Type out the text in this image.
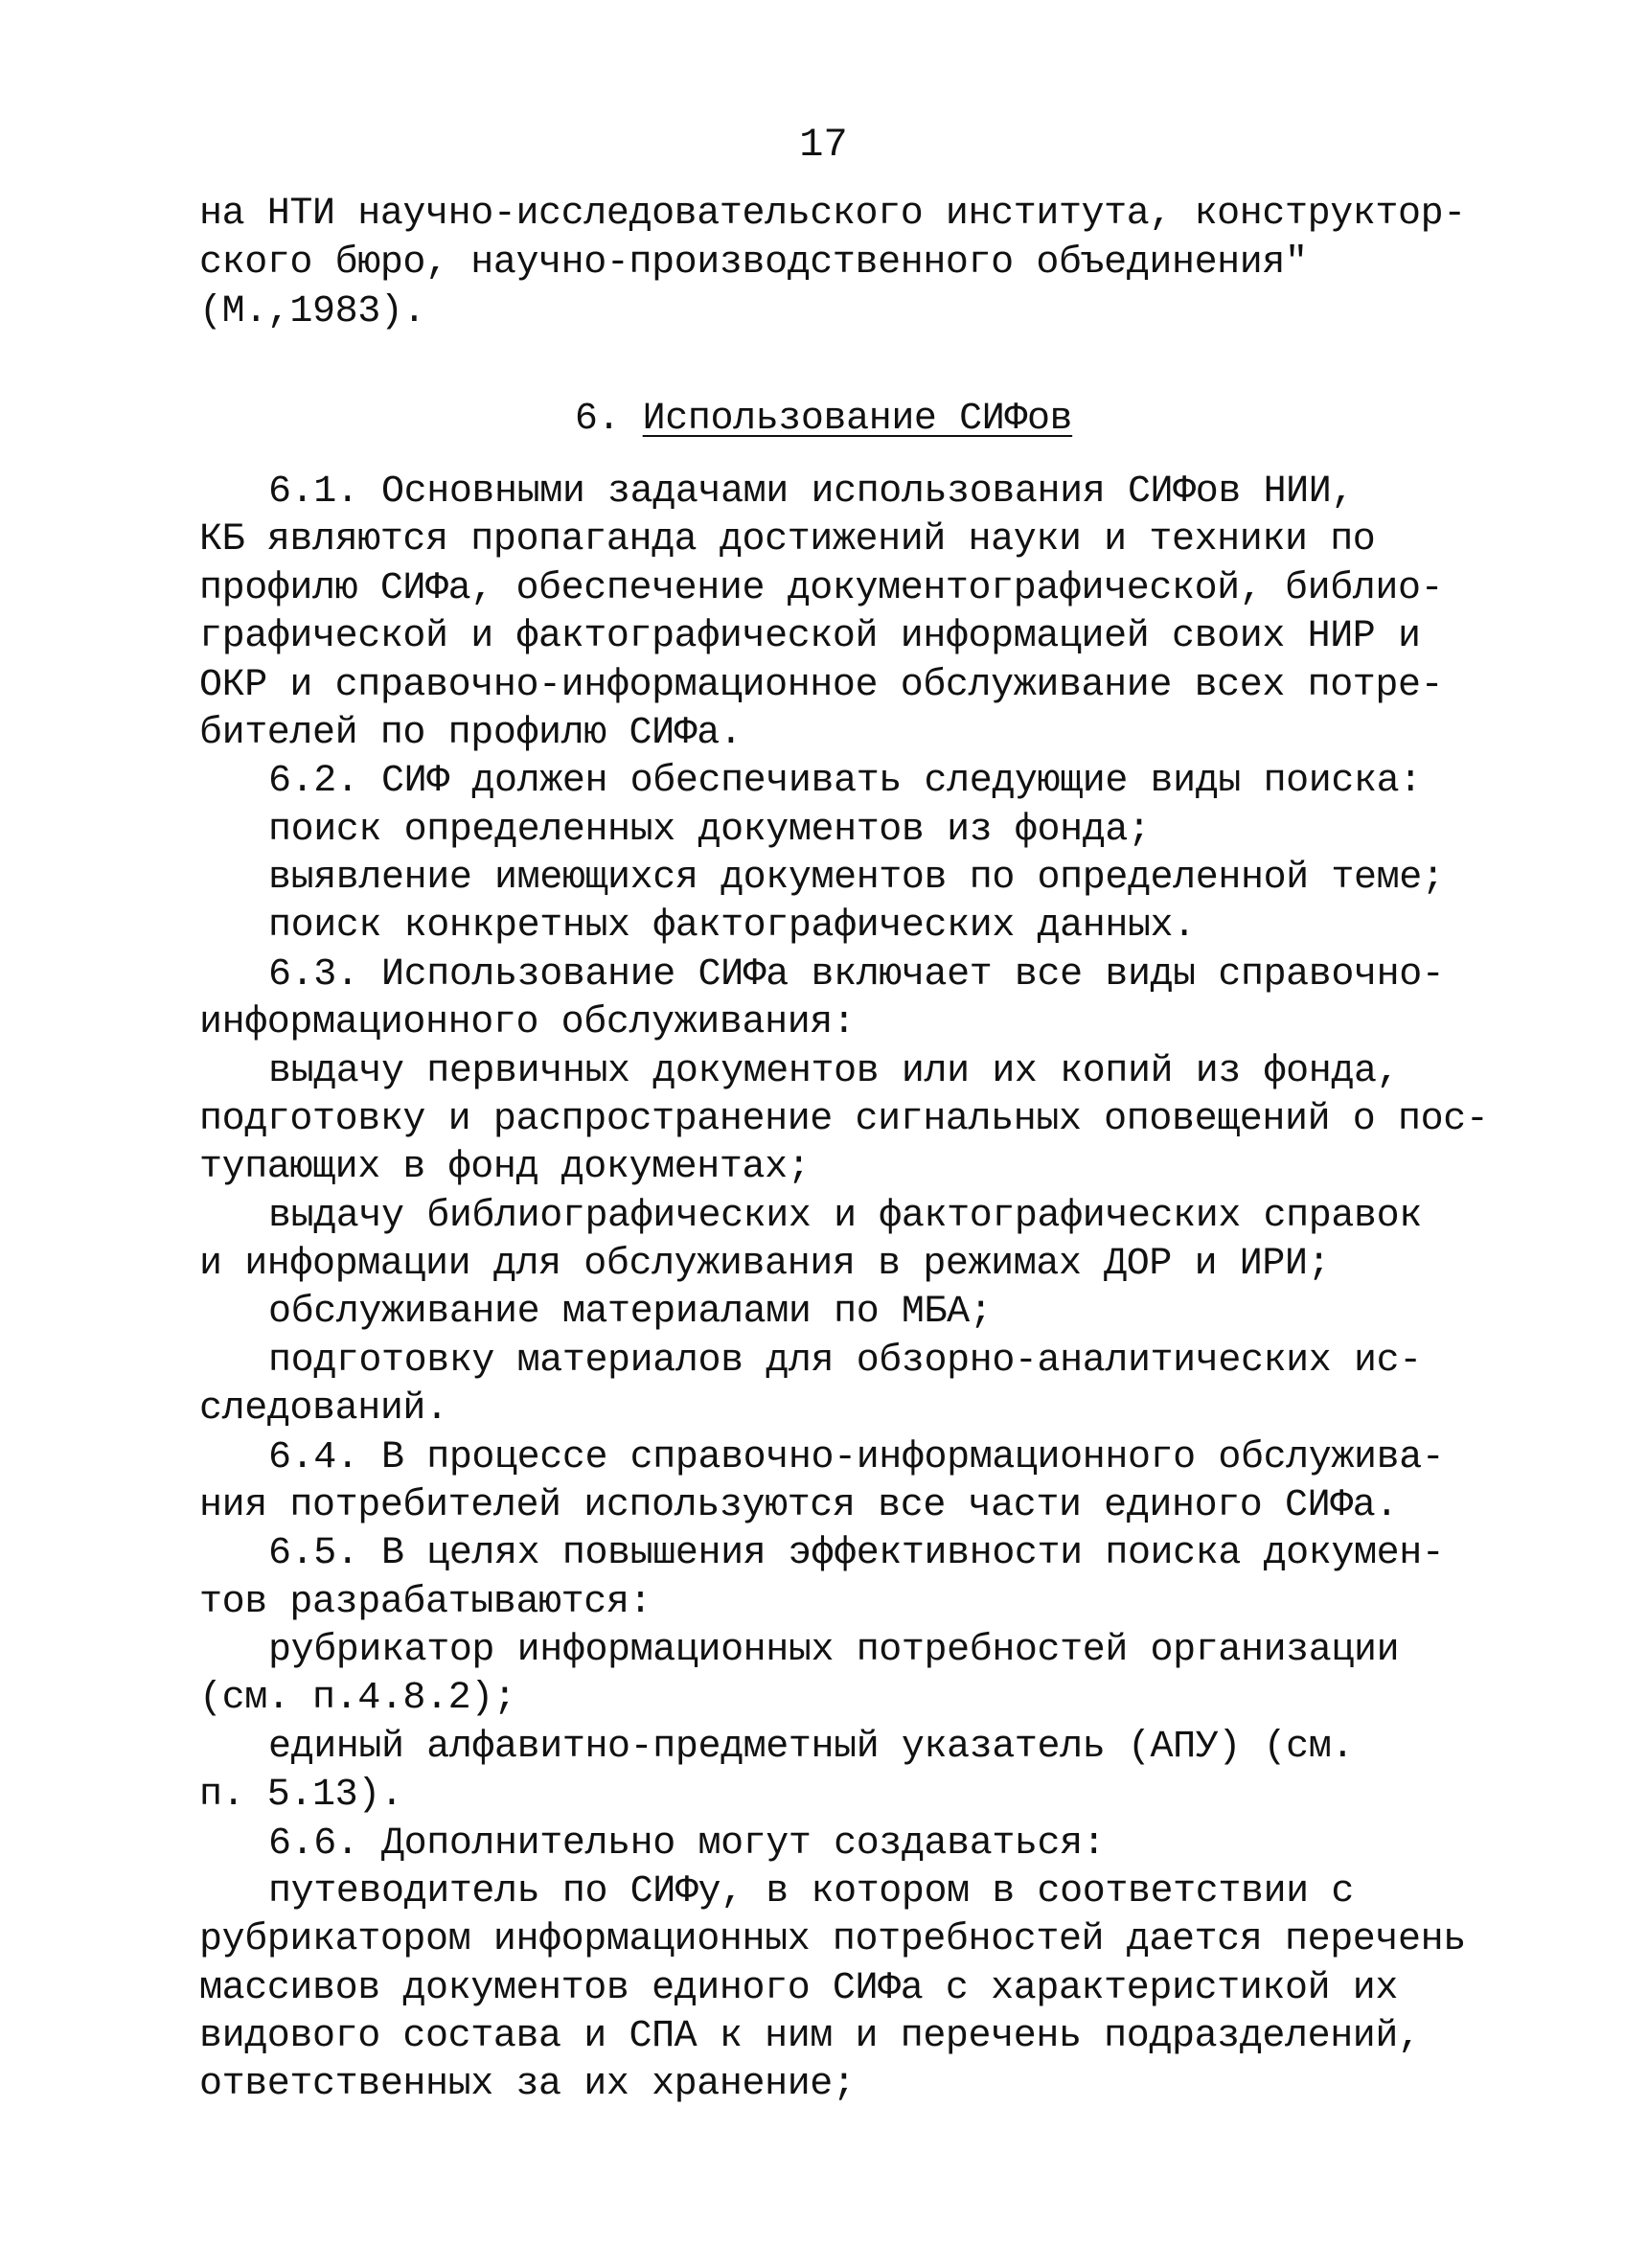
17
на НТИ научно-исследовательского института, конструктор-
ского бюро, научно-производственного объединения"
(М.,1983).
6. Использование СИФов
6.1. Основными задачами использования СИФов НИИ,
КБ являются пропаганда достижений науки и техники по
профилю СИФа, обеспечение документографической, библио-
графической и фактографической информацией своих НИР и
ОКР и справочно-информационное обслуживание всех потре-
бителей по профилю СИФа.
6.2. СИФ должен обеспечивать следующие виды поиска:
поиск определенных документов из фонда;
выявление имеющихся документов по определенной теме;
поиск конкретных фактографических данных.
6.3. Использование СИФа включает все виды справочно-
информационного обслуживания:
выдачу первичных документов или их копий из фонда,
подготовку и распространение сигнальных оповещений о пос-
тупающих в фонд документах;
выдачу библиографических и фактографических справок
и информации для обслуживания в режимах ДОР и ИРИ;
обслуживание материалами по МБА;
подготовку материалов для обзорно-аналитических ис-
следований.
6.4. В процессе справочно-информационного обслужива-
ния потребителей используются все части единого СИФа.
6.5. В целях повышения эффективности поиска докумен-
тов разрабатываются:
рубрикатор информационных потребностей организации
(см. п.4.8.2);
единый алфавитно-предметный указатель (АПУ) (см.
п. 5.13).
6.6. Дополнительно могут создаваться:
путеводитель по СИФу, в котором в соответствии с
рубрикатором информационных потребностей дается перечень
массивов документов единого СИФа с характеристикой их
видового состава и СПА к ним и перечень подразделений,
ответственных за их хранение;
